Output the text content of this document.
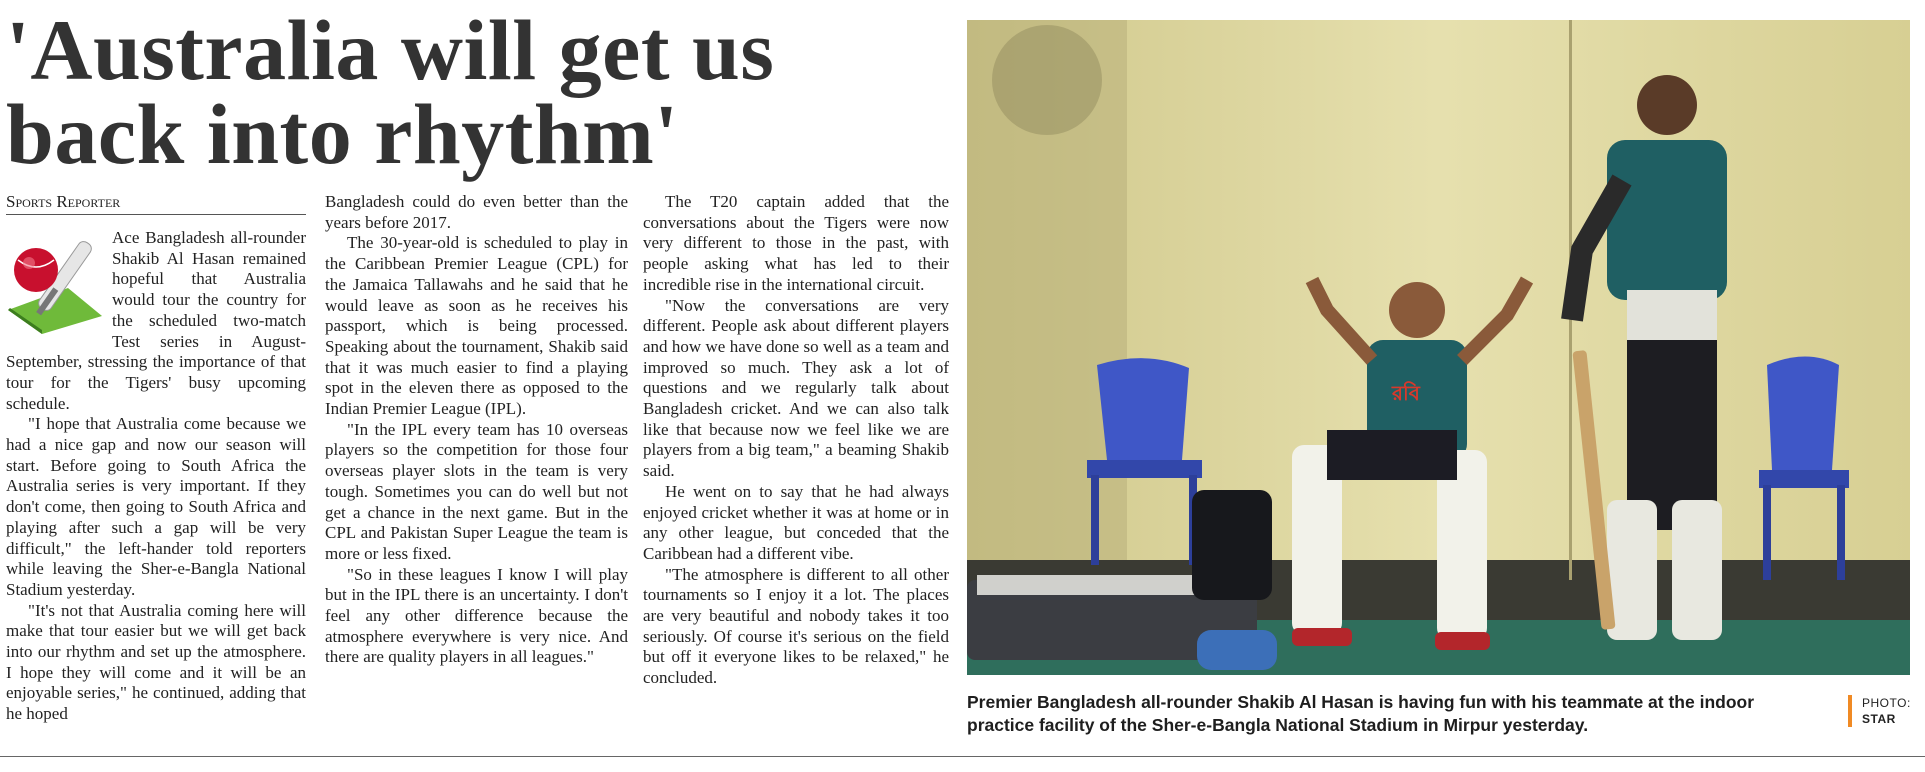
'Australia will get us back into rhythm'
Sports Reporter

Ace Bangladesh all-rounder Shakib Al Hasan remained hopeful that Australia would tour the country for the scheduled two-match Test series in August-September, stressing the importance of that tour for the Tigers' busy upcoming schedule.

"I hope that Australia come because we had a nice gap and now our season will start. Before going to South Africa the Australia series is very important. If they don't come, then going to South Africa and playing after such a gap will be very difficult," the left-hander told reporters while leaving the Sher-e-Bangla National Stadium yesterday.

"It's not that Australia coming here will make that tour easier but we will get back into our rhythm and set up the atmosphere. I hope they will come and it will be an enjoyable series," he continued, adding that he hoped

Bangladesh could do even better than the years before 2017.

The 30-year-old is scheduled to play in the Caribbean Premier League (CPL) for the Jamaica Tallawahs and he said that he would leave as soon as he receives his passport, which is being processed. Speaking about the tournament, Shakib said that it was much easier to find a playing spot in the eleven there as opposed to the Indian Premier League (IPL).

"In the IPL every team has 10 overseas players so the competition for those four overseas player slots in the team is very tough. Sometimes you can do well but not get a chance in the next game. But in the CPL and Pakistan Super League the team is more or less fixed.

"So in these leagues I know I will play but in the IPL there is an uncertainty. I don't feel any other difference because the atmosphere everywhere is very nice. And there are quality players in all leagues."

The T20 captain added that the conversations about the Tigers were now very different to those in the past, with people asking what has led to their incredible rise in the international circuit.

"Now the conversations are very different. People ask about different players and how we have done so well as a team and improved so much. They ask a lot of questions and we regularly talk about Bangladesh cricket. And we can also talk like that because now we feel like we are players from a big team," a beaming Shakib said.

He went on to say that he had always enjoyed cricket whether it was at home or in any other league, but conceded that the Caribbean had a different vibe.

"The atmosphere is different to all other tournaments so I enjoy it a lot. The places are very beautiful and nobody takes it too seriously. Of course it's serious on the field but off it everyone likes to be relaxed," he concluded.

রবি

Premier Bangladesh all-rounder Shakib Al Hasan is having fun with his teammate at the indoor practice facility of the Sher-e-Bangla National Stadium in Mirpur yesterday.

PHOTO:
STAR
